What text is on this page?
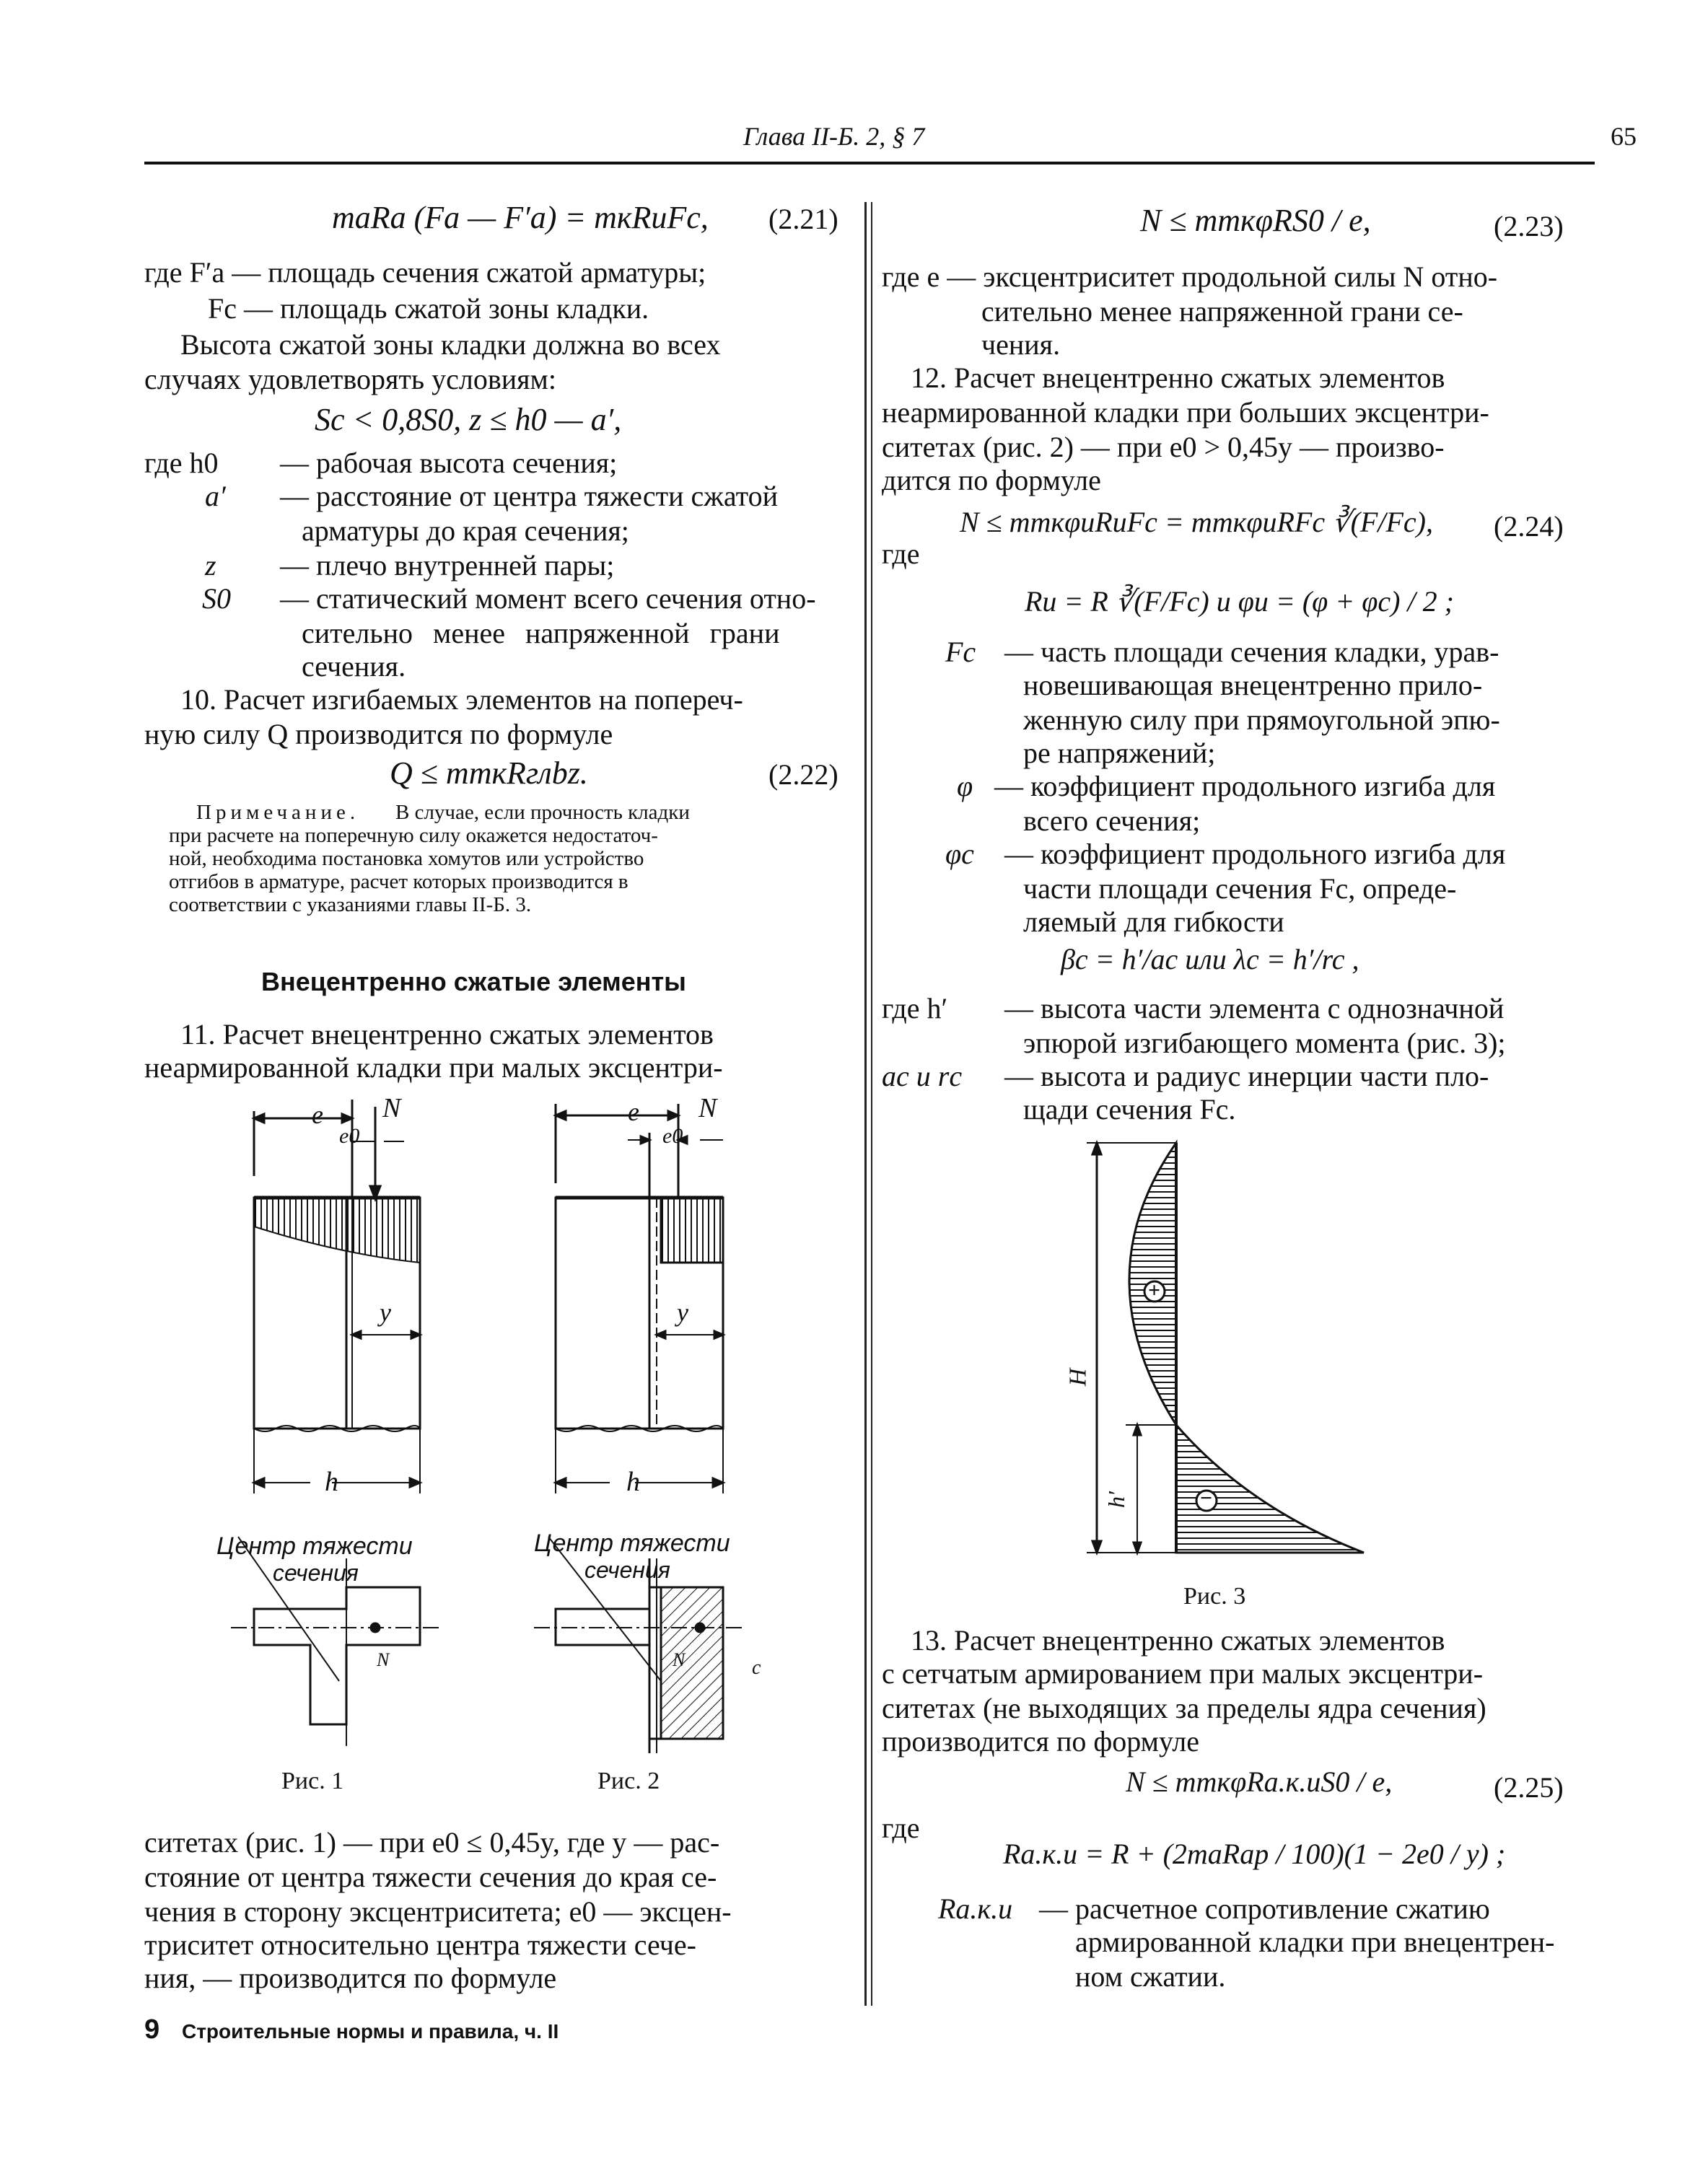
Глава II-Б. 2, § 7	65
maRa (Fa — F′a) = mкRиFc, (2.21)
где F′a — площадь сечения сжатой арматуры;
Fс — площадь сжатой зоны кладки.
Высота сжатой зоны кладки должна во всех
случаях удовлетворять условиям:
Sc < 0,8S0, z ≤ h0 — a′,
где h0 — рабочая высота сечения;
a′ — расстояние от центра тяжести сжатой
арматуры до края сечения;
z — плечо внутренней пары;
S0 — статический момент всего сечения отно-
сительно менее напряженной грани
сечения.
10. Расчет изгибаемых элементов на попереч-
ную силу Q производится по формуле
Q ≤ mmкRглbz.	(2.22)
Примечание. В случае, если прочность кладки
при расчете на поперечную силу окажется недостаточ-
ной, необходима постановка хомутов или устройство
отгибов в арматуре, расчет которых производится в
соответствии с указаниями главы II-Б. 3.
Внецентренно сжатые элементы
11. Расчет внецентренно сжатых элементов
неармированной кладки при малых эксцентри-
e N
e0
y
h
Центр тяжести
сечения
N
Рис. 1
e N
e0
y
h
Центр тяжести
сечения
N	c
Рис. 2
ситетах (рис. 1) — при e0 ≤ 0,45y, где y — рас-
стояние от центра тяжести сечения до края се-
чения в сторону эксцентриситета; e0 — эксцен-
триситет относительно центра тяжести сече-
ния, — производится по формуле
9 Строительные нормы и правила, ч. II
N ≤ mmкφRS0 / e,	(2.23)
где e — эксцентриситет продольной силы N отно-
сительно менее напряженной грани се-
чения.
12. Расчет внецентренно сжатых элементов
неармированной кладки при больших эксцентри-
ситетах (рис. 2) — при e0 > 0,45y — произво-
дится по формуле
N ≤ mmкφиRиFc = mmкφиRFc ∛(F/Fc), (2.24)
где
Rи = R ∛(F/Fc) и φи = (φ + φc) / 2 ;
Fс — часть площади сечения кладки, урав-
новешивающая внецентренно прило-
женную силу при прямоугольной эпю-
ре напряжений;
φ — коэффициент продольного изгиба для
всего сечения;
φс — коэффициент продольного изгиба для
части площади сечения Fс, опреде-
ляемый для гибкости
βc = h′/ac или λc = h′/rc ,
где h′ — высота части элемента с однозначной
эпюрой изгибающего момента (рис. 3);
aс и rс — высота и радиус инерции части пло-
щади сечения Fс.
+
−
H
h′
Рис. 3
13. Расчет внецентренно сжатых элементов
с сетчатым армированием при малых эксцентри-
ситетах (не выходящих за пределы ядра сечения)
производится по формуле
N ≤ mmкφRа.к.иS0 / e,	(2.25)
где
Rа.к.и = R + (2maRap / 100)(1 − 2e0 / y) ;
Rа.к.и — расчетное сопротивление сжатию
армированной кладки при внецентрен-
ном сжатии.
